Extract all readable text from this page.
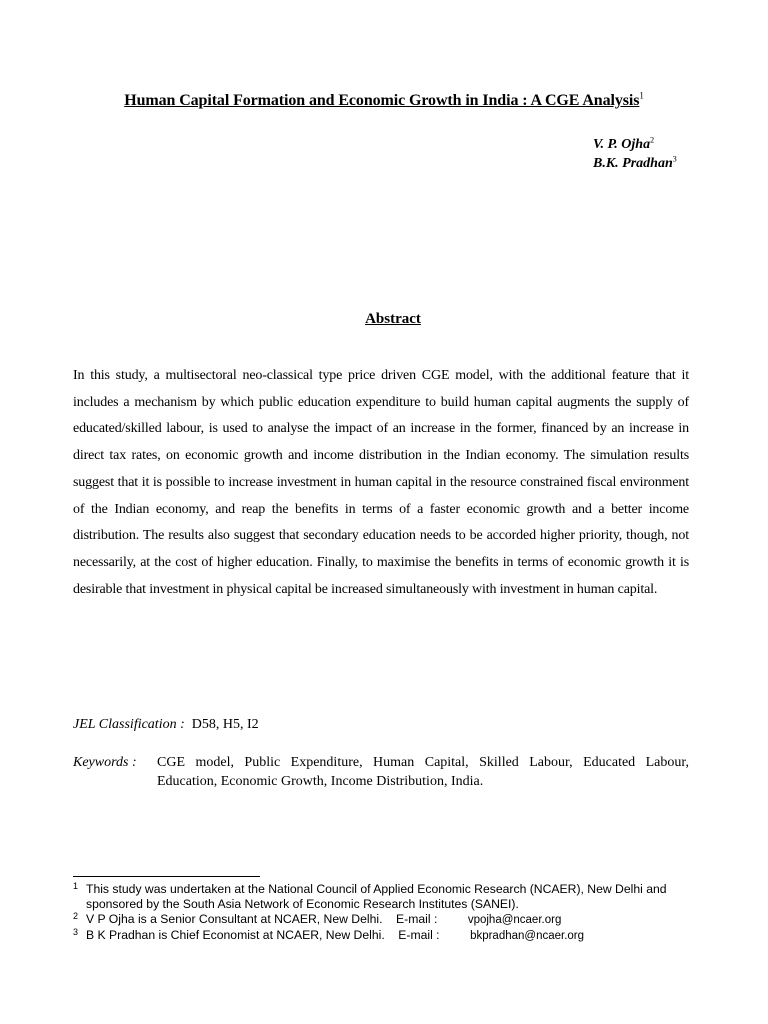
Human Capital Formation and Economic Growth in India : A CGE Analysis$^1$
V. P. Ojha$^2$
B.K. Pradhan$^3$
Abstract
In this study, a multisectoral neo-classical type price driven CGE model, with the additional feature that it includes a mechanism by which public education expenditure to build human capital augments the supply of educated/skilled labour, is used to analyse the impact of an increase in the former, financed by an increase in direct tax rates, on economic growth and income distribution in the Indian economy. The simulation results suggest that it is possible to increase investment in human capital in the resource constrained fiscal environment of the Indian economy, and reap the benefits in terms of a faster economic growth and a better income distribution. The results also suggest that secondary education needs to be accorded higher priority, though, not necessarily, at the cost of higher education. Finally, to maximise the benefits in terms of economic growth it is desirable that investment in physical capital be increased simultaneously with investment in human capital.
JEL Classification : D58, H5, I2
Keywords : CGE model, Public Expenditure, Human Capital, Skilled Labour, Educated Labour, Education, Economic Growth, Income Distribution, India.
1 This study was undertaken at the National Council of Applied Economic Research (NCAER), New Delhi and sponsored by the South Asia Network of Economic Research Institutes (SANEI).
2 V P Ojha is a Senior Consultant at NCAER, New Delhi. E-mail :	vpojha@ncaer.org
3 B K Pradhan is Chief Economist at NCAER, New Delhi. E-mail :	bkpradhan@ncaer.org
